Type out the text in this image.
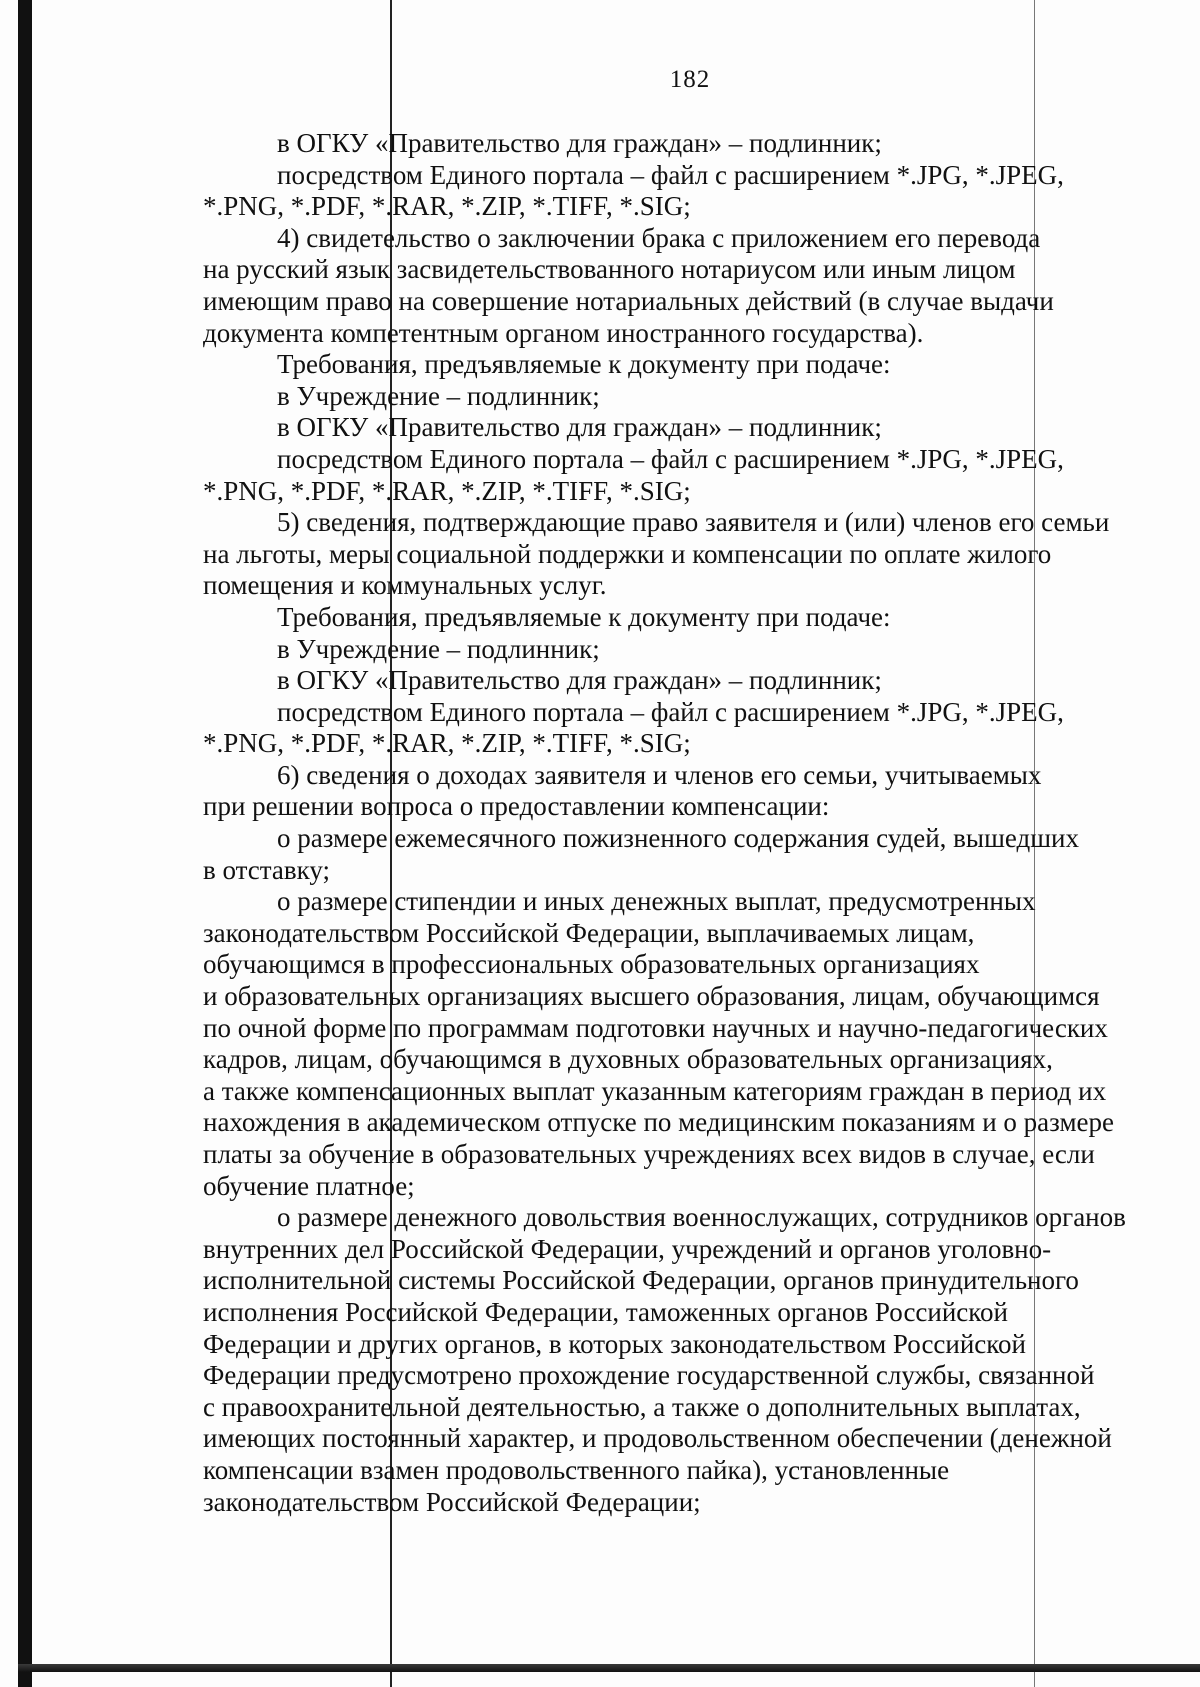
182

в ОГКУ «Правительство для граждан» – подлинник;

посредством Единого портала – файл с расширением *.JPG, *.JPEG,
*.PNG, *.PDF, *.RAR, *.ZIP, *.TIFF, *.SIG;

4) свидетельство о заключении брака с приложением его перевода
на русский язык засвидетельствованного нотариусом или иным лицом
имеющим право на совершение нотариальных действий (в случае выдачи
документа компетентным органом иностранного государства).

Требования, предъявляемые к документу при подаче:

в Учреждение – подлинник;

в ОГКУ «Правительство для граждан» – подлинник;

посредством Единого портала – файл с расширением *.JPG, *.JPEG,
*.PNG, *.PDF, *.RAR, *.ZIP, *.TIFF, *.SIG;

5) сведения, подтверждающие право заявителя и (или) членов его семьи
на льготы, меры социальной поддержки и компенсации по оплате жилого
помещения и коммунальных услуг.

Требования, предъявляемые к документу при подаче:

в Учреждение – подлинник;

в ОГКУ «Правительство для граждан» – подлинник;

посредством Единого портала – файл с расширением *.JPG, *.JPEG,
*.PNG, *.PDF, *.RAR, *.ZIP, *.TIFF, *.SIG;

6) сведения о доходах заявителя и членов его семьи, учитываемых
при решении вопроса о предоставлении компенсации:

о размере ежемесячного пожизненного содержания судей, вышедших
в отставку;

о размере стипендии и иных денежных выплат, предусмотренных
законодательством Российской Федерации, выплачиваемых лицам,
обучающимся в профессиональных образовательных организациях
и образовательных организациях высшего образования, лицам, обучающимся
по очной форме по программам подготовки научных и научно-педагогических
кадров, лицам, обучающимся в духовных образовательных организациях,
а также компенсационных выплат указанным категориям граждан в период их
нахождения в академическом отпуске по медицинским показаниям и о размере
платы за обучение в образовательных учреждениях всех видов в случае, если
обучение платное;

о размере денежного довольствия военнослужащих, сотрудников органов
внутренних дел Российской Федерации, учреждений и органов уголовно-
исполнительной системы Российской Федерации, органов принудительного
исполнения Российской Федерации, таможенных органов Российской
Федерации и других органов, в которых законодательством Российской
Федерации предусмотрено прохождение государственной службы, связанной
с правоохранительной деятельностью, а также о дополнительных выплатах,
имеющих постоянный характер, и продовольственном обеспечении (денежной
компенсации взамен продовольственного пайка), установленные
законодательством Российской Федерации;
